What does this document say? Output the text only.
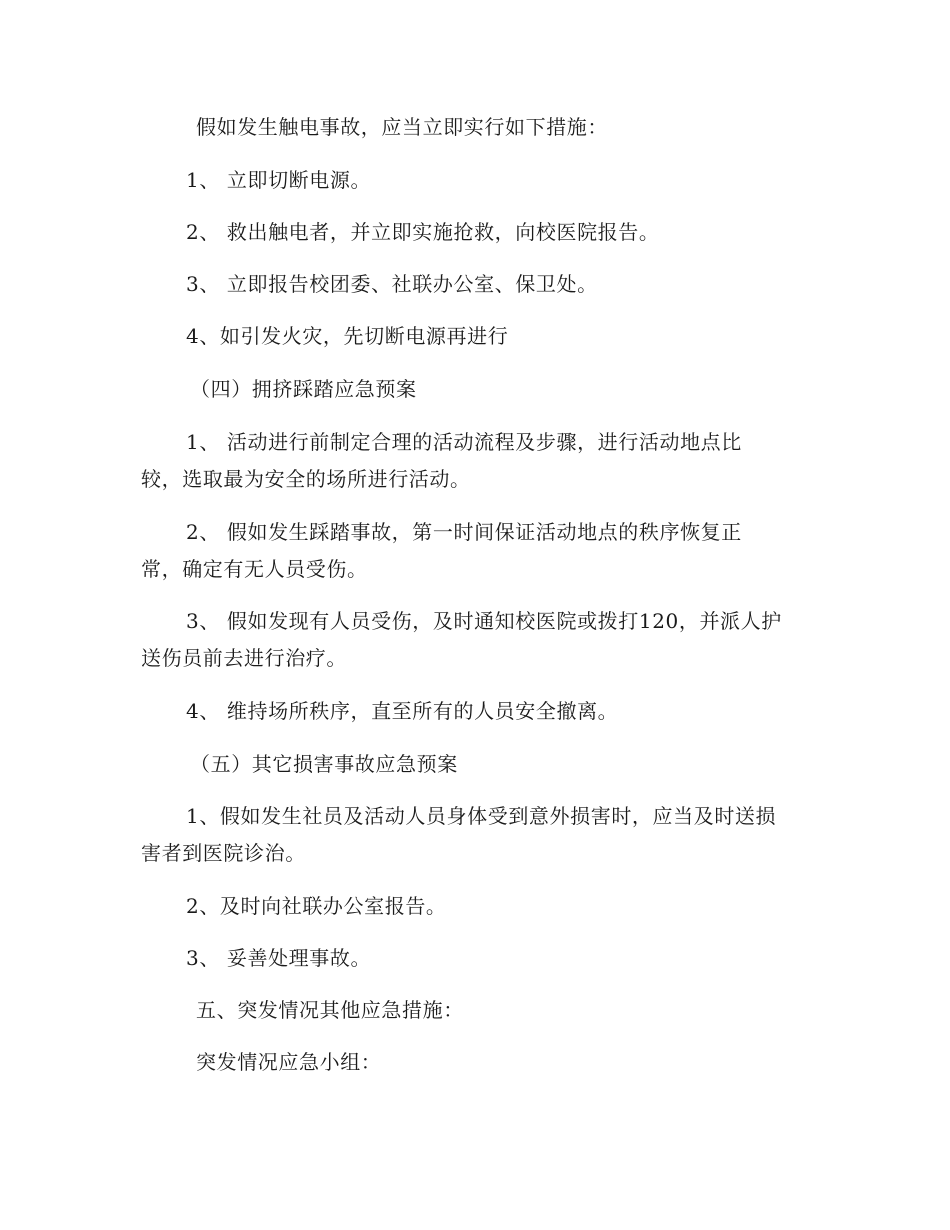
假如发生触电事故，应当立即实行如下措施：
1、 立即切断电源。
2、 救出触电者，并立即实施抢救，向校医院报告。
3、 立即报告校团委、社联办公室、保卫处。
4、如引发火灾，先切断电源再进行
（四）拥挤踩踏应急预案
1、 活动进行前制定合理的活动流程及步骤，进行活动地点比
较，选取最为安全的场所进行活动。
2、 假如发生踩踏事故，第一时间保证活动地点的秩序恢复正
常，确定有无人员受伤。
3、 假如发现有人员受伤，及时通知校医院或拨打120，并派人护
送伤员前去进行治疗。
4、 维持场所秩序，直至所有的人员安全撤离。
（五）其它损害事故应急预案
1、假如发生社员及活动人员身体受到意外损害时，应当及时送损
害者到医院诊治。
2、及时向社联办公室报告。
3、 妥善处理事故。
五、突发情况其他应急措施：
突发情况应急小组：
